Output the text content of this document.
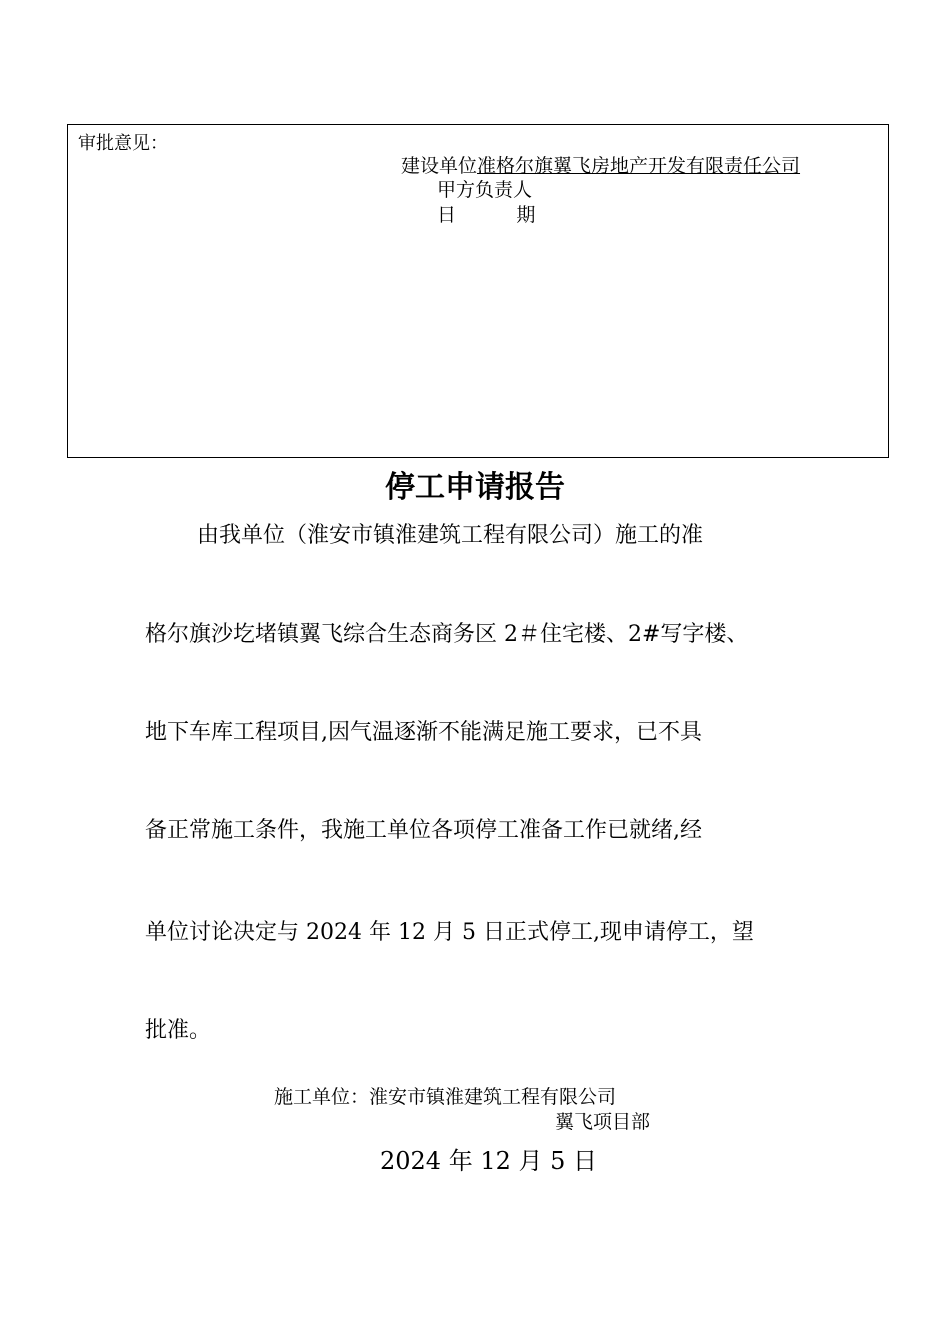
审批意见：
建设单位准格尔旗翼飞房地产开发有限责任公司
甲方负责人
日          期
停工申请报告
由我单位（淮安市镇淮建筑工程有限公司）施工的准
格尔旗沙圪堵镇翼飞综合生态商务区 2＃住宅楼、2#写字楼、
地下车库工程项目,因气温逐渐不能满足施工要求，已不具
备正常施工条件，我施工单位各项停工准备工作已就绪,经
单位讨论决定与 2024 年 12 月 5 日正式停工,现申请停工，望
批准。
施工单位：淮安市镇淮建筑工程有限公司
翼飞项目部
2024 年 12 月 5 日
